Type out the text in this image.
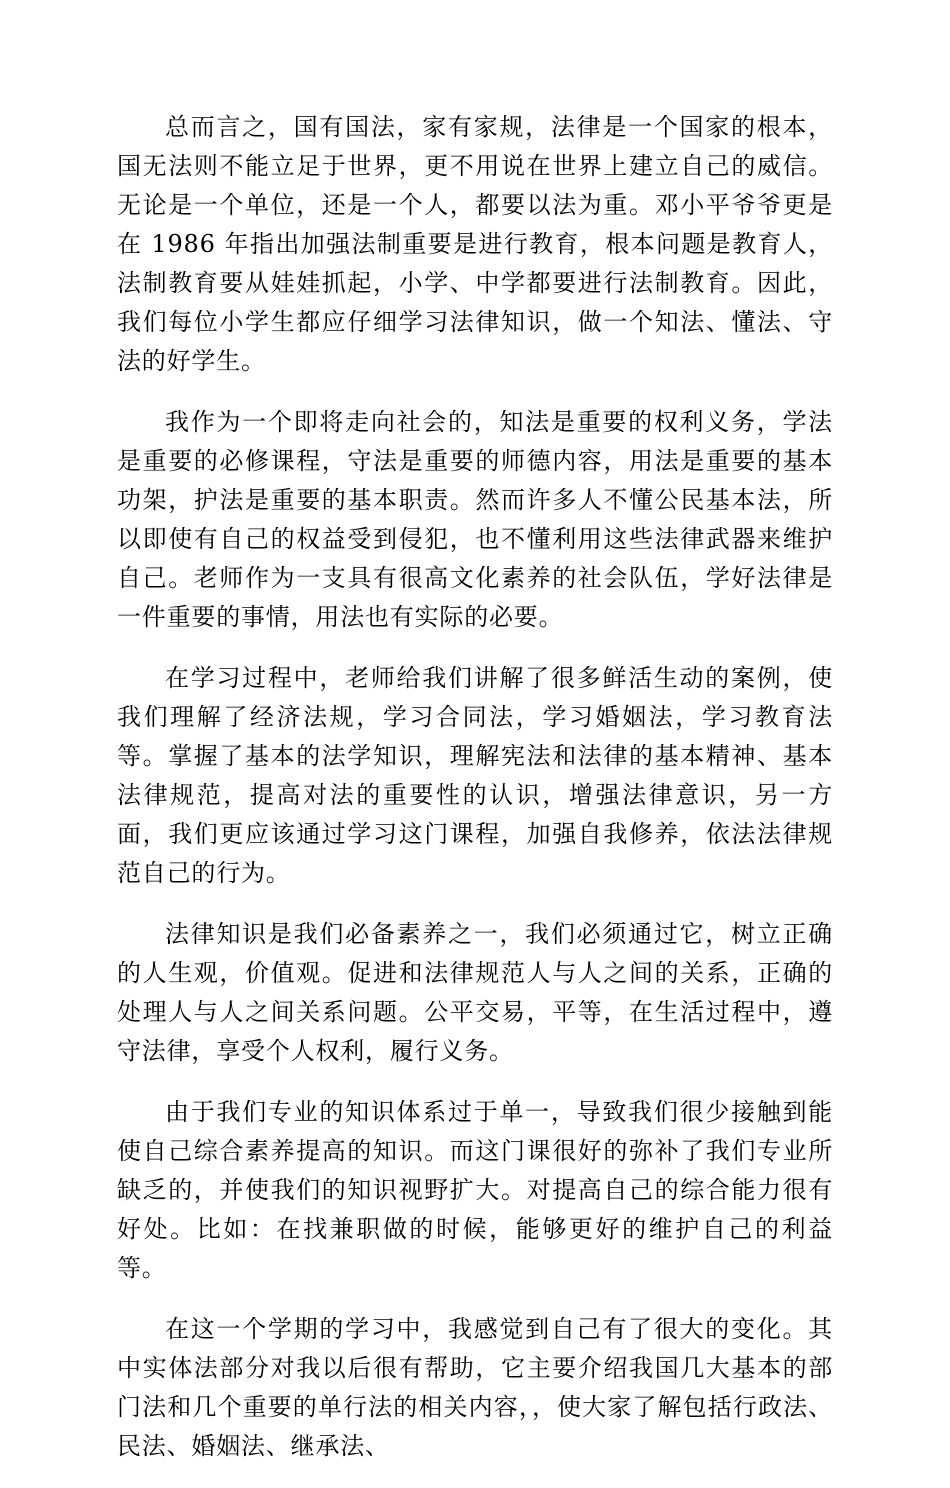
总而言之，国有国法，家有家规，法律是一个国家的根本，国无法则不能立足于世界，更不用说在世界上建立自己的威信。无论是一个单位，还是一个人，都要以法为重。邓小平爷爷更是在 1986 年指出加强法制重要是进行教育，根本问题是教育人，法制教育要从娃娃抓起，小学、中学都要进行法制教育。因此，我们每位小学生都应仔细学习法律知识，做一个知法、懂法、守法的好学生。

我作为一个即将走向社会的，知法是重要的权利义务，学法是重要的必修课程，守法是重要的师德内容，用法是重要的基本功架，护法是重要的基本职责。然而许多人不懂公民基本法，所以即使有自己的权益受到侵犯，也不懂利用这些法律武器来维护自己。老师作为一支具有很高文化素养的社会队伍，学好法律是一件重要的事情，用法也有实际的必要。

在学习过程中，老师给我们讲解了很多鲜活生动的案例，使我们理解了经济法规，学习合同法，学习婚姻法，学习教育法等。掌握了基本的法学知识，理解宪法和法律的基本精神、基本法律规范，提高对法的重要性的认识，增强法律意识，另一方面，我们更应该通过学习这门课程，加强自我修养，依法法律规范自己的行为。

法律知识是我们必备素养之一，我们必须通过它，树立正确的人生观，价值观。促进和法律规范人与人之间的关系，正确的处理人与人之间关系问题。公平交易，平等，在生活过程中，遵守法律，享受个人权利，履行义务。

由于我们专业的知识体系过于单一，导致我们很少接触到能使自己综合素养提高的知识。而这门课很好的弥补了我们专业所缺乏的，并使我们的知识视野扩大。对提高自己的综合能力很有好处。比如：在找兼职做的时候，能够更好的维护自己的利益等。

在这一个学期的学习中，我感觉到自己有了很大的变化。其中实体法部分对我以后很有帮助，它主要介绍我国几大基本的部门法和几个重要的单行法的相关内容，，使大家了解包括行政法、民法、婚姻法、继承法、
